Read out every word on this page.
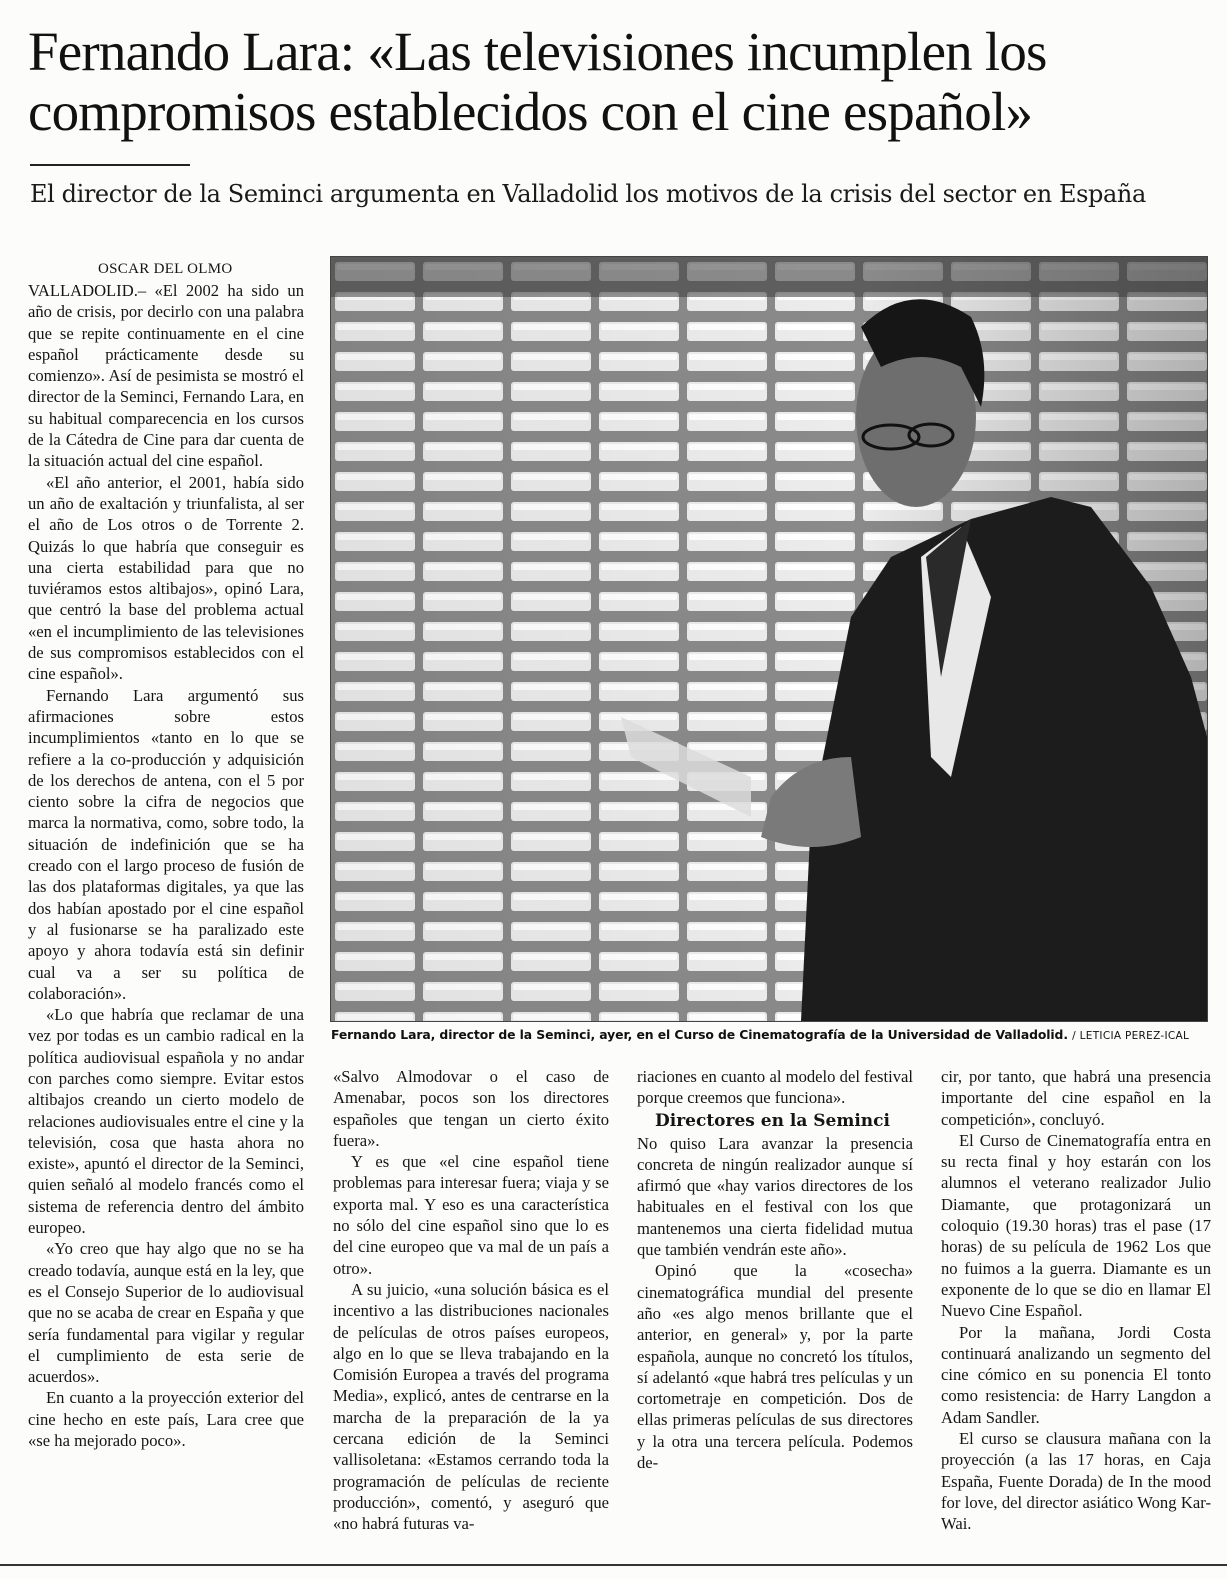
Fernando Lara: «Las televisiones incumplen los compromisos establecidos con el cine español»
El director de la Seminci argumenta en Valladolid los motivos de la crisis del sector en España

OSCAR DEL OLMO

VALLADOLID.– «El 2002 ha sido un año de crisis, por decirlo con una palabra que se repite continuamente en el cine español prácticamente desde su comienzo». Así de pesimista se mostró el director de la Seminci, Fernando Lara, en su habitual comparecencia en los cursos de la Cátedra de Cine para dar cuenta de la situación actual del cine español.

«El año anterior, el 2001, había sido un año de exaltación y triunfalista, al ser el año de Los otros o de Torrente 2. Quizás lo que habría que conseguir es una cierta estabilidad para que no tuviéramos estos altibajos», opinó Lara, que centró la base del problema actual «en el incumplimiento de las televisiones de sus compromisos establecidos con el cine español».

Fernando Lara argumentó sus afirmaciones sobre estos incumplimientos «tanto en lo que se refiere a la co-producción y adquisición de los derechos de antena, con el 5 por ciento sobre la cifra de negocios que marca la normativa, como, sobre todo, la situación de indefinición que se ha creado con el largo proceso de fusión de las dos plataformas digitales, ya que las dos habían apostado por el cine español y al fusionarse se ha paralizado este apoyo y ahora todavía está sin definir cual va a ser su política de colaboración».

«Lo que habría que reclamar de una vez por todas es un cambio radical en la política audiovisual española y no andar con parches como siempre. Evitar estos altibajos creando un cierto modelo de relaciones audiovisuales entre el cine y la televisión, cosa que hasta ahora no existe», apuntó el director de la Seminci, quien señaló al modelo francés como el sistema de referencia dentro del ámbito europeo.

«Yo creo que hay algo que no se ha creado todavía, aunque está en la ley, que es el Consejo Superior de lo audiovisual que no se acaba de crear en España y que sería fundamental para vigilar y regular el cumplimiento de esta serie de acuerdos».

En cuanto a la proyección exterior del cine hecho en este país, Lara cree que «se ha mejorado poco».

Fernando Lara, director de la Seminci, ayer, en el Curso de Cinematografía de la Universidad de Valladolid. / LETICIA PEREZ-ICAL

«Salvo Almodovar o el caso de Amenabar, pocos son los directores españoles que tengan un cierto éxito fuera».

Y es que «el cine español tiene problemas para interesar fuera; viaja y se exporta mal. Y eso es una característica no sólo del cine español sino que lo es del cine europeo que va mal de un país a otro».

A su juicio, «una solución básica es el incentivo a las distribuciones nacionales de películas de otros países europeos, algo en lo que se lleva trabajando en la Comisión Europea a través del programa Media», explicó, antes de centrarse en la marcha de la preparación de la ya cercana edición de la Seminci vallisoletana: «Estamos cerrando toda la programación de películas de reciente producción», comentó, y aseguró que «no habrá futuras va-

riaciones en cuanto al modelo del festival porque creemos que funciona».

Directores en la Seminci

No quiso Lara avanzar la presencia concreta de ningún realizador aunque sí afirmó que «hay varios directores de los habituales en el festival con los que mantenemos una cierta fidelidad mutua que también vendrán este año».

Opinó que la «cosecha» cinematográfica mundial del presente año «es algo menos brillante que el anterior, en general» y, por la parte española, aunque no concretó los títulos, sí adelantó «que habrá tres películas y un cortometraje en competición. Dos de ellas primeras películas de sus directores y la otra una tercera película. Podemos de-

cir, por tanto, que habrá una presencia importante del cine español en la competición», concluyó.

El Curso de Cinematografía entra en su recta final y hoy estarán con los alumnos el veterano realizador Julio Diamante, que protagonizará un coloquio (19.30 horas) tras el pase (17 horas) de su película de 1962 Los que no fuimos a la guerra. Diamante es un exponente de lo que se dio en llamar El Nuevo Cine Español.

Por la mañana, Jordi Costa continuará analizando un segmento del cine cómico en su ponencia El tonto como resistencia: de Harry Langdon a Adam Sandler.

El curso se clausura mañana con la proyección (a las 17 horas, en Caja España, Fuente Dorada) de In the mood for love, del director asiático Wong Kar-Wai.
